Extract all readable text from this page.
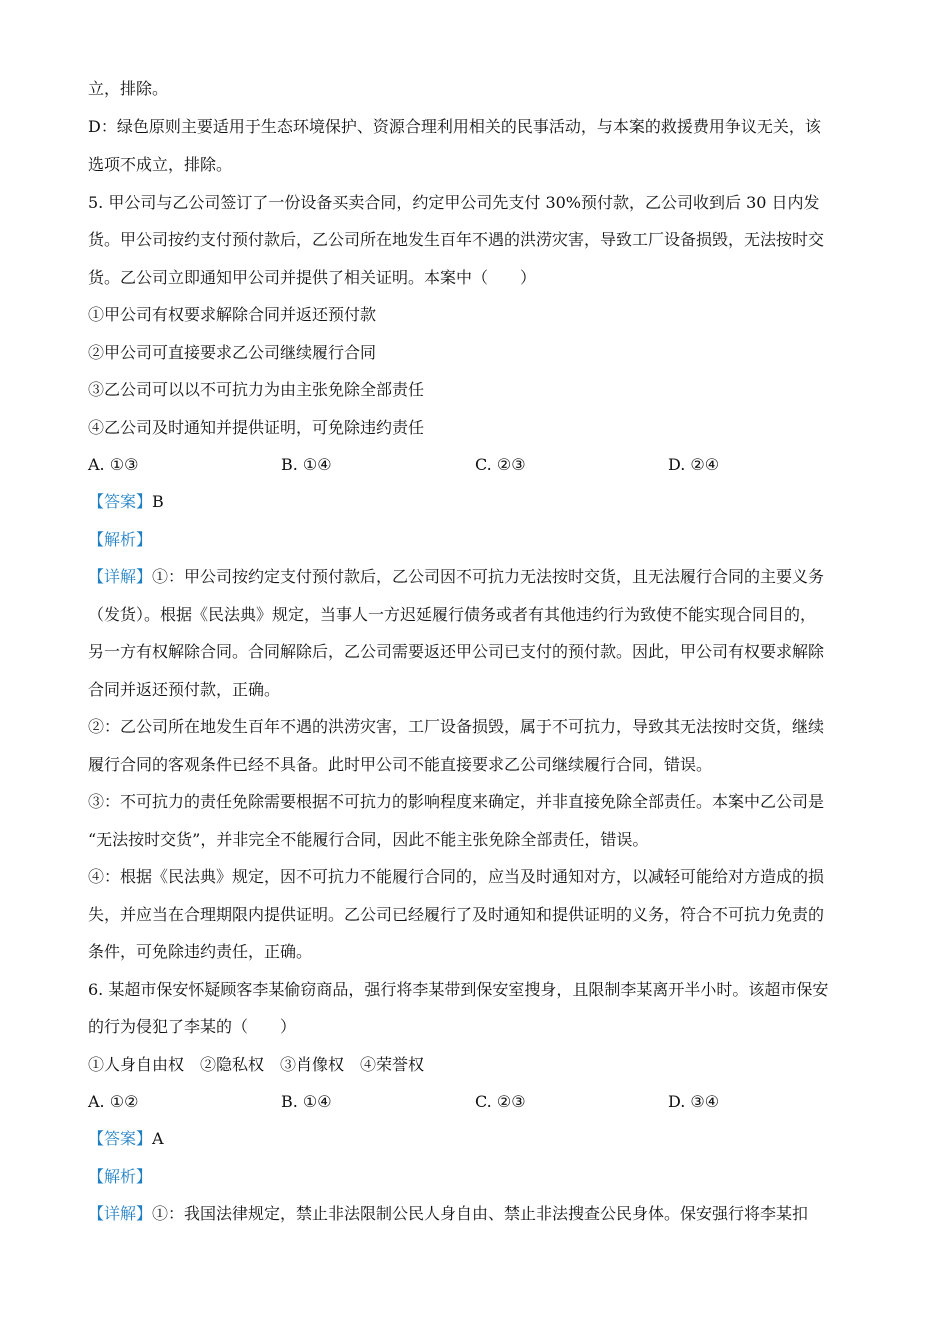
立，排除。
D：绿色原则主要适用于生态环境保护、资源合理利用相关的民事活动，与本案的救援费用争议无关，该
选项不成立，排除。
5. 甲公司与乙公司签订了一份设备买卖合同，约定甲公司先支付 30%预付款，乙公司收到后 30 日内发
货。甲公司按约支付预付款后，乙公司所在地发生百年不遇的洪涝灾害，导致工厂设备损毁，无法按时交
货。乙公司立即通知甲公司并提供了相关证明。本案中（　　）
①甲公司有权要求解除合同并返还预付款
②甲公司可直接要求乙公司继续履行合同
③乙公司可以以不可抗力为由主张免除全部责任
④乙公司及时通知并提供证明，可免除违约责任
A. ①③	B. ①④	C. ②③	D. ②④
【答案】B
【解析】
【详解】①：甲公司按约定支付预付款后，乙公司因不可抗力无法按时交货，且无法履行合同的主要义务
（发货）。根据《民法典》规定，当事人一方迟延履行债务或者有其他违约行为致使不能实现合同目的，
另一方有权解除合同。合同解除后，乙公司需要返还甲公司已支付的预付款。因此，甲公司有权要求解除
合同并返还预付款，正确。
②：乙公司所在地发生百年不遇的洪涝灾害，工厂设备损毁，属于不可抗力，导致其无法按时交货，继续
履行合同的客观条件已经不具备。此时甲公司不能直接要求乙公司继续履行合同，错误。
③：不可抗力的责任免除需要根据不可抗力的影响程度来确定，并非直接免除全部责任。本案中乙公司是
“无法按时交货”，并非完全不能履行合同，因此不能主张免除全部责任，错误。
④：根据《民法典》规定，因不可抗力不能履行合同的，应当及时通知对方，以减轻可能给对方造成的损
失，并应当在合理期限内提供证明。乙公司已经履行了及时通知和提供证明的义务，符合不可抗力免责的
条件，可免除违约责任，正确。
6. 某超市保安怀疑顾客李某偷窃商品，强行将李某带到保安室搜身，且限制李某离开半小时。该超市保安
的行为侵犯了李某的（　　）
①人身自由权　②隐私权　③肖像权　④荣誉权
A. ①②	B. ①④	C. ②③	D. ③④
【答案】A
【解析】
【详解】①：我国法律规定，禁止非法限制公民人身自由、禁止非法搜查公民身体。保安强行将李某扣
